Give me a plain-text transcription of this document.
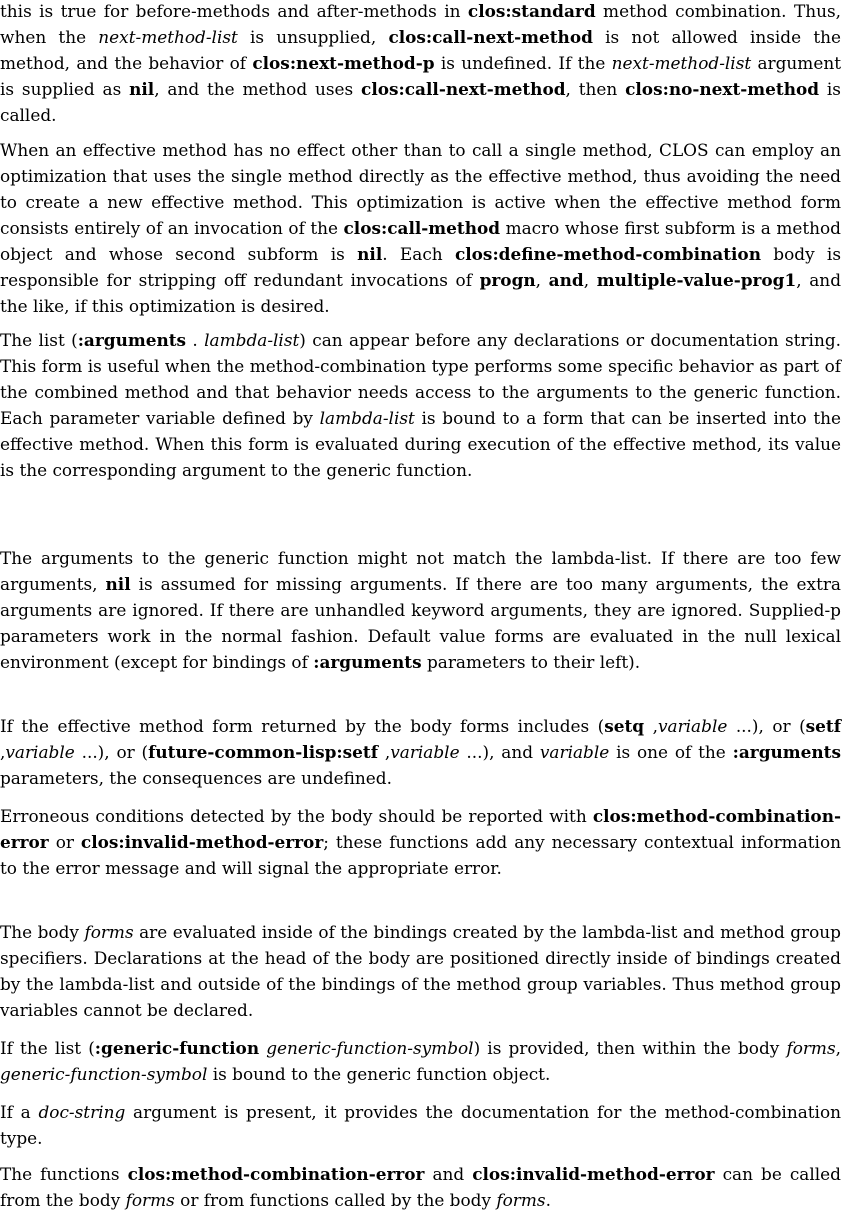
this is true for before-methods and after-methods in clos:standard method combination. Thus, when the next-method-list is unsupplied, clos:call-next-method is not allowed inside the method, and the behavior of clos:next-method-p is undefined. If the next-method-list argument is supplied as nil, and the method uses clos:call-next-method, then clos:no-next-method is called.

When an effective method has no effect other than to call a single method, CLOS can employ an optimization that uses the single method directly as the effective method, thus avoiding the need to create a new effective method. This optimization is active when the effective method form consists entirely of an invocation of the clos:call-method macro whose first subform is a method object and whose second subform is nil. Each clos:define-method-combination body is responsible for stripping off redundant invocations of progn, and, multiple-value-prog1, and the like, if this optimization is desired.

The list (:arguments . lambda-list) can appear before any declarations or documentation string. This form is useful when the method-combination type performs some specific behavior as part of the combined method and that behavior needs access to the arguments to the generic function. Each parameter variable defined by lambda-list is bound to a form that can be inserted into the effective method. When this form is evaluated during execution of the effective method, its value is the corresponding argument to the generic function.

The arguments to the generic function might not match the lambda-list. If there are too few arguments, nil is assumed for missing arguments. If there are too many arguments, the extra arguments are ignored. If there are unhandled keyword arguments, they are ignored. Supplied-p parameters work in the normal fashion. Default value forms are evaluated in the null lexical environment (except for bindings of :arguments parameters to their left).

If the effective method form returned by the body forms includes (setq ,variable ...), or (setf ,variable ...), or (future-common-lisp:setf ,variable ...), and variable is one of the :arguments parameters, the consequences are undefined.

Erroneous conditions detected by the body should be reported with clos:method-combination-error or clos:invalid-method-error; these functions add any necessary contextual information to the error message and will signal the appropriate error.

The body forms are evaluated inside of the bindings created by the lambda-list and method group specifiers. Declarations at the head of the body are positioned directly inside of bindings created by the lambda-list and outside of the bindings of the method group variables. Thus method group variables cannot be declared.

If the list (:generic-function generic-function-symbol) is provided, then within the body forms, generic-function-symbol is bound to the generic function object.

If a doc-string argument is present, it provides the documentation for the method-combination type.

The functions clos:method-combination-error and clos:invalid-method-error can be called from the body forms or from functions called by the body forms.
